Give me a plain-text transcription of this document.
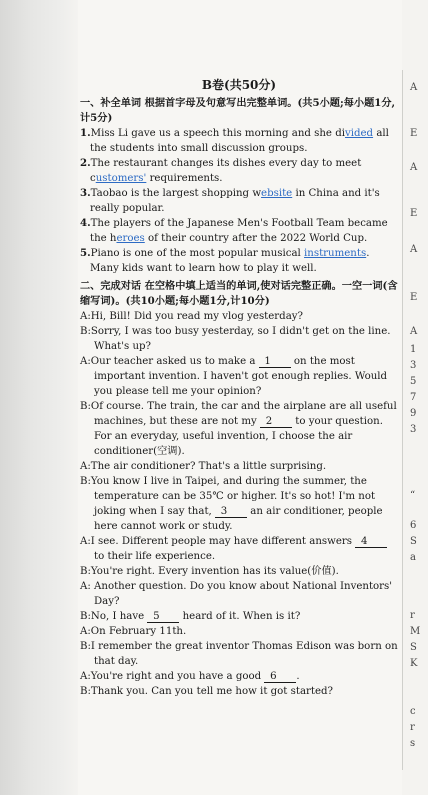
A
E
A
E
A
E
A
1
3
5
7
9
3
“
6
S
a
r
M
S
K
c
r
s
B卷(共50分)
一、补全单词 根据首字母及句意写出完整单词。(共5小题;每小题1分,计5分)
1.Miss Li gave us a speech this morning and she divided all the students into small discussion groups.
2.The restaurant changes its dishes every day to meet customers' requirements.
3.Taobao is the largest shopping website in China and it's really popular.
4.The players of the Japanese Men's Football Team became the heroes of their country after the 2022 World Cup.
5.Piano is one of the most popular musical instruments. Many kids want to learn how to play it well.
二、完成对话 在空格中填上适当的单词,使对话完整正确。一空一词(含缩写词)。(共10小题;每小题1分,计10分)
A:Hi, Bill! Did you read my vlog yesterday?
B:Sorry, I was too busy yesterday, so I didn't get on the line. What's up?
A:Our teacher asked us to make a 1 on the most important invention. I haven't got enough replies. Would you please tell me your opinion?
B:Of course. The train, the car and the airplane are all useful machines, but these are not my 2 to your question. For an everyday, useful invention, I choose the air conditioner(空调).
A:The air conditioner? That's a little surprising.
B:You know I live in Taipei, and during the summer, the temperature can be 35℃ or higher. It's so hot! I'm not joking when I say that, 3 an air conditioner, people here cannot work or study.
A:I see. Different people may have different answers 4 to their life experience.
B:You're right. Every invention has its value(价值).
A: Another question. Do you know about National Inventors' Day?
B:No, I have 5 heard of it. When is it?
A:On February 11th.
B:I remember the great inventor Thomas Edison was born on that day.
A:You're right and you have a good 6 .
B:Thank you. Can you tell me how it got started?
